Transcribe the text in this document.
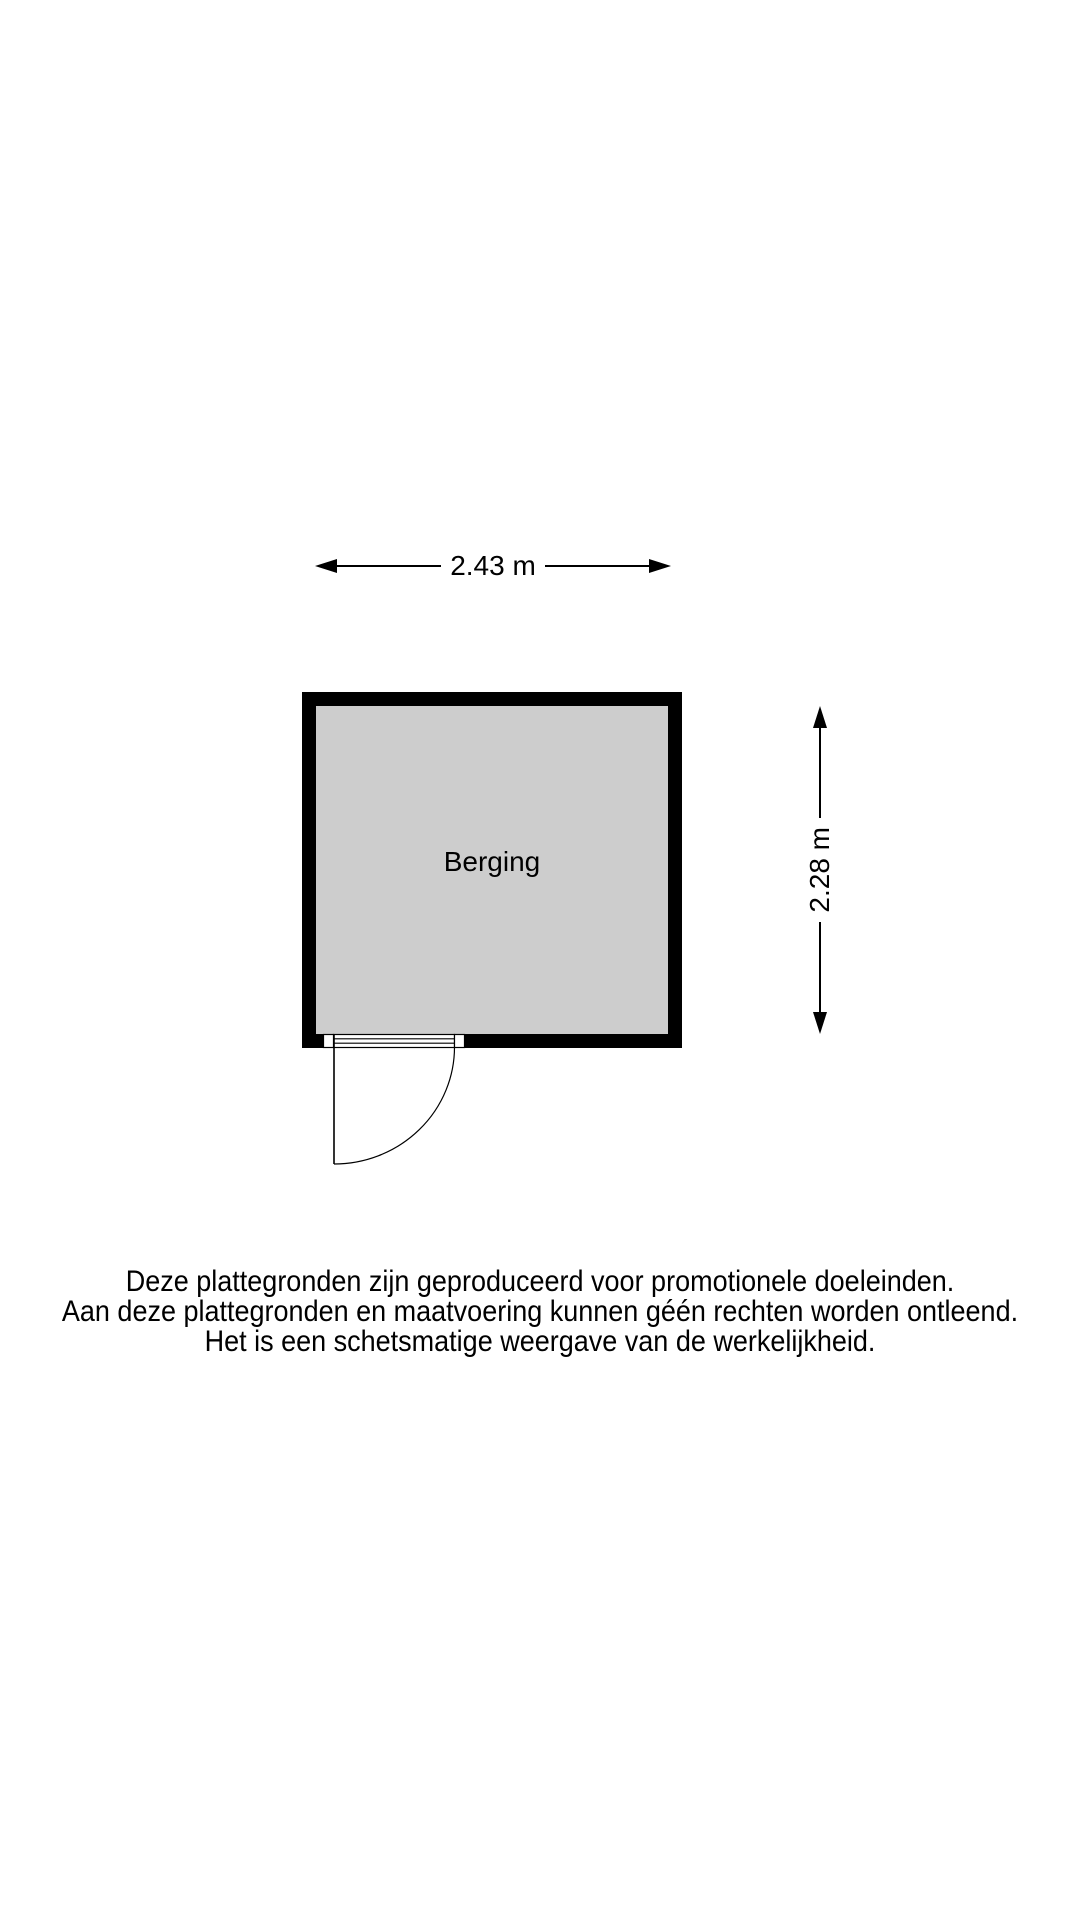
2.43 m
Berging	2.28 m
Deze plattegronden zijn geproduceerd voor promotionele doeleinden.
Aan deze plattegronden en maatvoering kunnen géén rechten worden ontleend.
Het is een schetsmatige weergave van de werkelijkheid.
